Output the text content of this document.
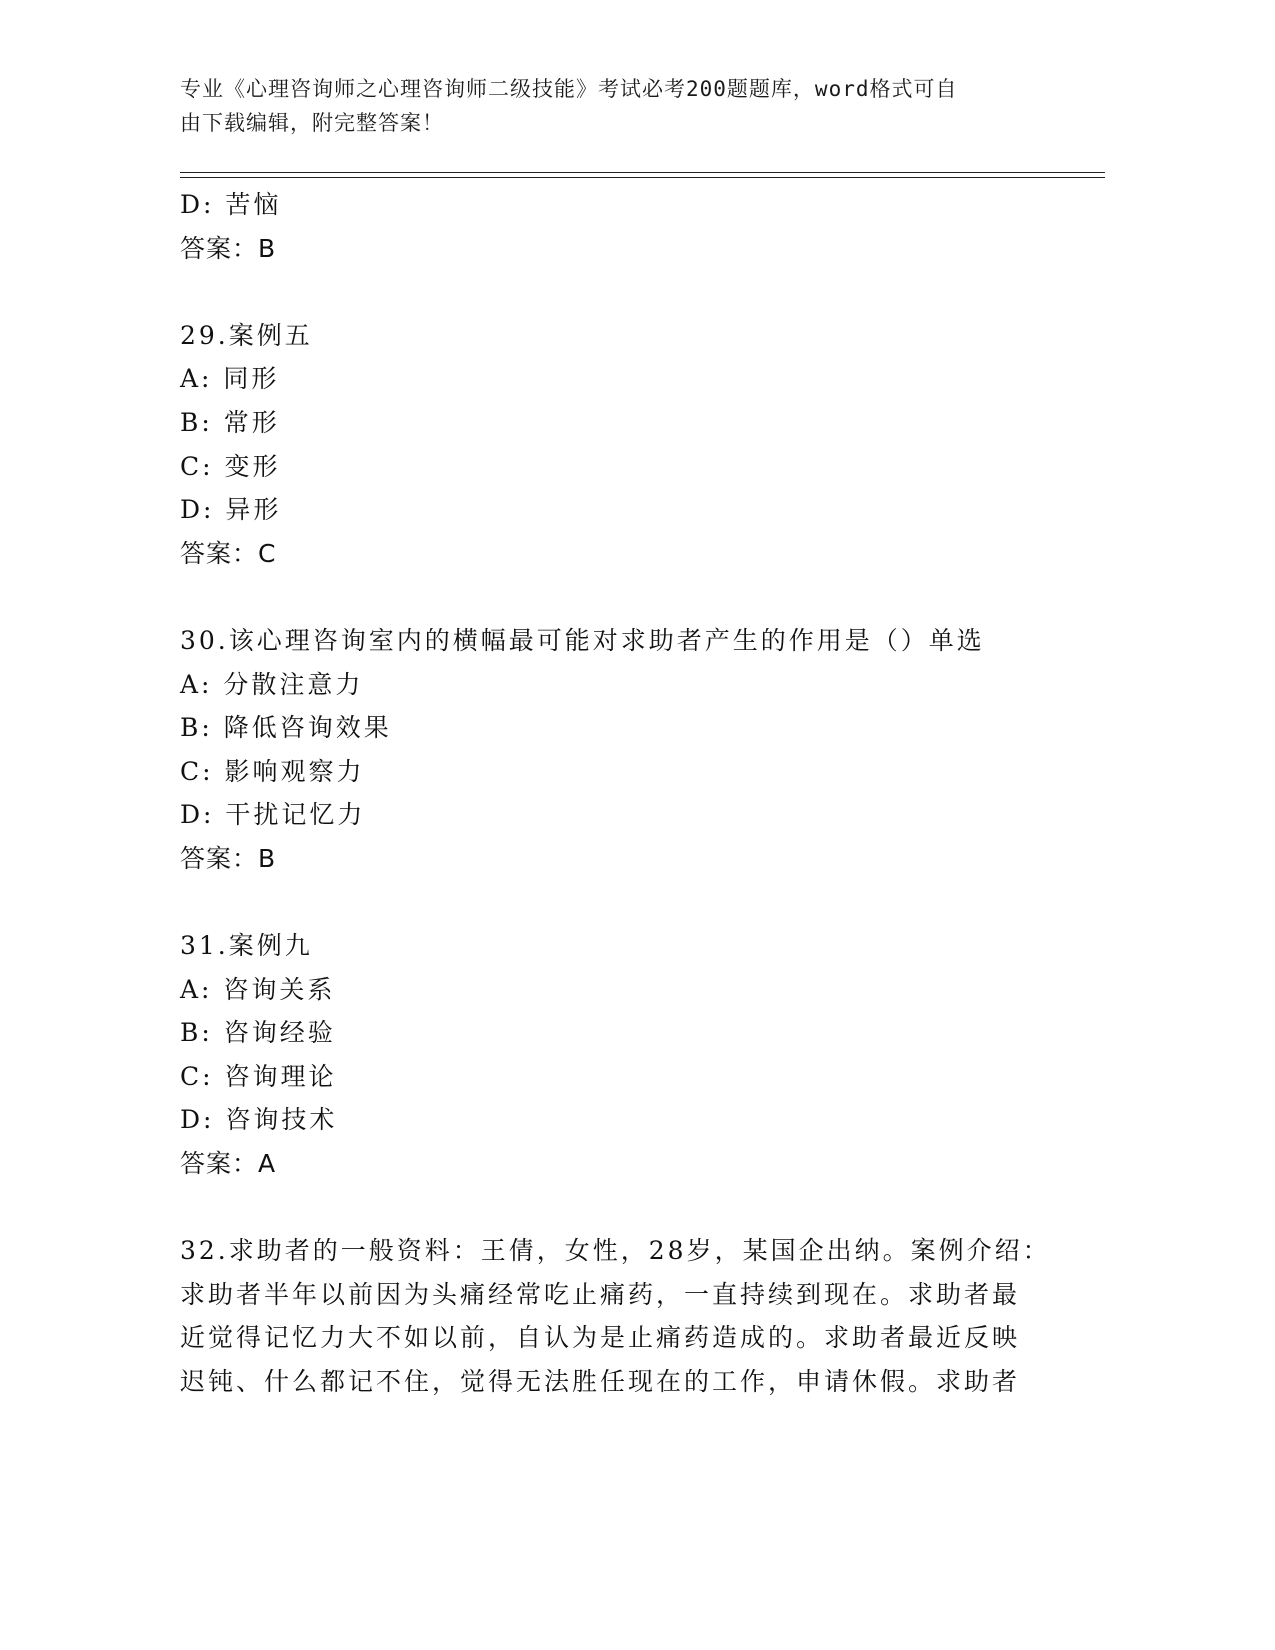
专业《心理咨询师之心理咨询师二级技能》考试必考200题题库，word格式可自
由下载编辑，附完整答案！
D: 苦恼
答案：B
29.案例五
A: 同形
B: 常形
C: 变形
D: 异形
答案：C
30.该心理咨询室内的横幅最可能对求助者产生的作用是（）单选
A: 分散注意力
B: 降低咨询效果
C: 影响观察力
D: 干扰记忆力
答案：B
31.案例九
A: 咨询关系
B: 咨询经验
C: 咨询理论
D: 咨询技术
答案：A
32.求助者的一般资料：王倩，女性，28岁，某国企出纳。案例介绍：
求助者半年以前因为头痛经常吃止痛药，一直持续到现在。求助者最
近觉得记忆力大不如以前，自认为是止痛药造成的。求助者最近反映
迟钝、什么都记不住，觉得无法胜任现在的工作，申请休假。求助者
